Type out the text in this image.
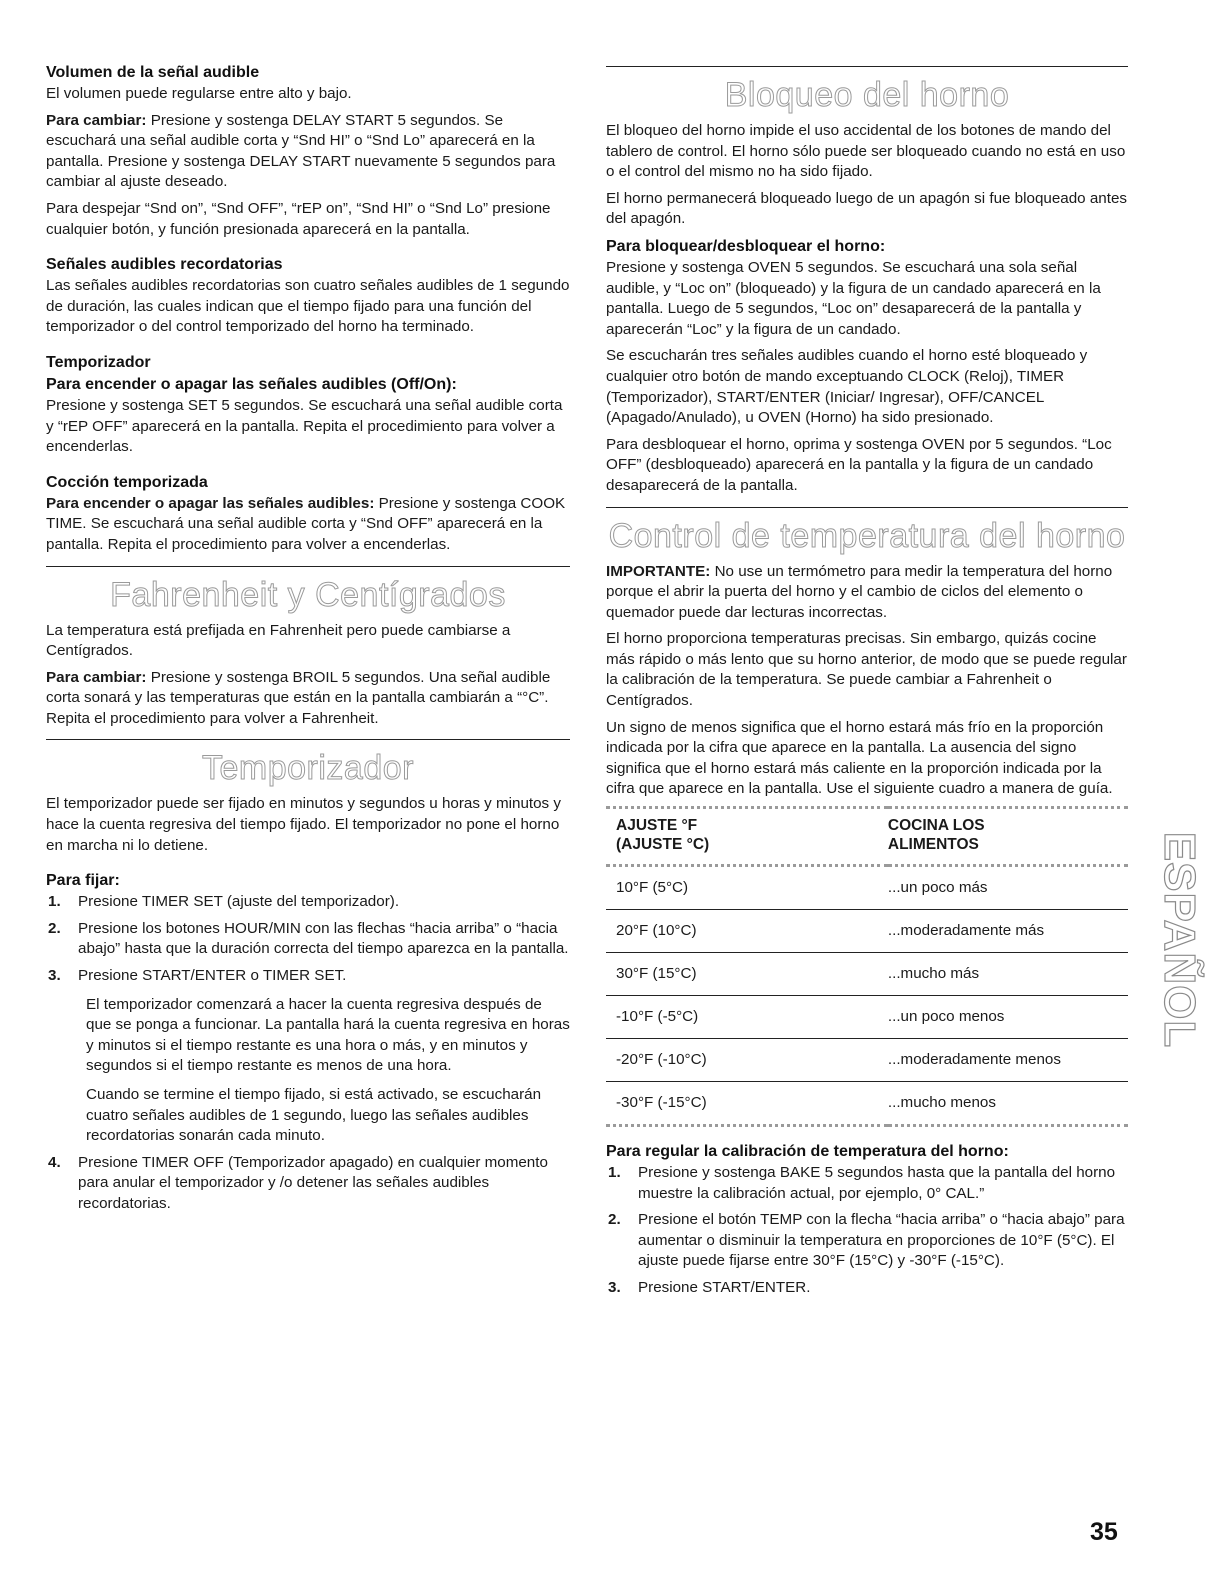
Volumen de la señal audible

El volumen puede regularse entre alto y bajo.

Para cambiar: Presione y sostenga DELAY START 5 segundos. Se escuchará una señal audible corta y “Snd HI” o “Snd Lo” aparecerá en la pantalla. Presione y sostenga DELAY START nuevamente 5 segundos para cambiar al ajuste deseado.

Para despejar “Snd on”, “Snd OFF”, “rEP on”, “Snd HI” o “Snd Lo” presione cualquier botón, y función presionada aparecerá en la pantalla.

Señales audibles recordatorias

Las señales audibles recordatorias son cuatro señales audibles de 1 segundo de duración, las cuales indican que el tiempo fijado para una función del temporizador o del control temporizado del horno ha terminado.

Temporizador
Para encender o apagar las señales audibles (Off/On):

Presione y sostenga SET 5 segundos. Se escuchará una señal audible corta y “rEP OFF” aparecerá en la pantalla. Repita el procedimiento para volver a encenderlas.

Cocción temporizada

Para encender o apagar las señales audibles: Presione y sostenga COOK TIME. Se escuchará una señal audible corta y “Snd OFF” aparecerá en la pantalla. Repita el procedimiento para volver a encenderlas.

Fahrenheit y Centígrados

La temperatura está prefijada en Fahrenheit pero puede cambiarse a Centígrados.

Para cambiar: Presione y sostenga BROIL 5 segundos. Una señal audible corta sonará y las temperaturas que están en la pantalla cambiarán a “°C”. Repita el procedimiento para volver a Fahrenheit.

Temporizador

El temporizador puede ser fijado en minutos y segundos u horas y minutos y hace la cuenta regresiva del tiempo fijado. El temporizador no pone el horno en marcha ni lo detiene.

Para fijar:
1. Presione TIMER SET (ajuste del temporizador).

2. Presione los botones HOUR/MIN con las flechas “hacia arriba” o “hacia abajo” hasta que la duración correcta del tiempo aparezca en la pantalla.

3. Presione START/ENTER o TIMER SET.

El temporizador comenzará a hacer la cuenta regresiva después de que se ponga a funcionar. La pantalla hará la cuenta regresiva en horas y minutos si el tiempo restante es una hora o más, y en minutos y segundos si el tiempo restante es menos de una hora.

Cuando se termine el tiempo fijado, si está activado, se escucharán cuatro señales audibles de 1 segundo, luego las señales audibles recordatorias sonarán cada minuto.

4. Presione TIMER OFF (Temporizador apagado) en cualquier momento para anular el temporizador y /o detener las señales audibles recordatorias.

Bloqueo del horno

El bloqueo del horno impide el uso accidental de los botones de mando del tablero de control. El horno sólo puede ser bloqueado cuando no está en uso o el control del mismo no ha sido fijado.

El horno permanecerá bloqueado luego de un apagón si fue bloqueado antes del apagón.

Para bloquear/desbloquear el horno:

Presione y sostenga OVEN 5 segundos. Se escuchará una sola señal audible, y “Loc on” (bloqueado) y la figura de un candado aparecerá en la pantalla. Luego de 5 segundos, “Loc on” desaparecerá de la pantalla y aparecerán “Loc” y la figura de un candado.

Se escucharán tres señales audibles cuando el horno esté bloqueado y cualquier otro botón de mando exceptuando CLOCK (Reloj), TIMER (Temporizador), START/ENTER (Iniciar/ Ingresar), OFF/CANCEL (Apagado/Anulado), u OVEN (Horno) ha sido presionado.

Para desbloquear el horno, oprima y sostenga OVEN por 5 segundos. “Loc OFF” (desbloqueado) aparecerá en la pantalla y la figura de un candado desaparecerá de la pantalla.

Control de temperatura del horno

IMPORTANTE: No use un termómetro para medir la temperatura del horno porque el abrir la puerta del horno y el cambio de ciclos del elemento o quemador puede dar lecturas incorrectas.

El horno proporciona temperaturas precisas. Sin embargo, quizás cocine más rápido o más lento que su horno anterior, de modo que se puede regular la calibración de la temperatura. Se puede cambiar a Fahrenheit o Centígrados.

Un signo de menos significa que el horno estará más frío en la proporción indicada por la cifra que aparece en la pantalla. La ausencia del signo significa que el horno estará más caliente en la proporción indicada por la cifra que aparece en la pantalla. Use el siguiente cuadro a manera de guía.

AJUSTE °F
(AJUSTE °C)	COCINA LOS
ALIMENTOS
10°F (5°C)	...un poco más
20°F (10°C)	...moderadamente más
30°F (15°C)	...mucho más
-10°F (-5°C)	...un poco menos
-20°F (-10°C)	...moderadamente menos
-30°F (-15°C)	...mucho menos
Para regular la calibración de temperatura del horno:
1. Presione y sostenga BAKE 5 segundos hasta que la pantalla del horno muestre la calibración actual, por ejemplo, 0° CAL.”

2. Presione el botón TEMP con la flecha “hacia arriba” o “hacia abajo” para aumentar o disminuir la temperatura en proporciones de 10°F (5°C). El ajuste puede fijarse entre 30°F (15°C) y -30°F (-15°C).

3. Presione START/ENTER.

ESPAÑOL
35
